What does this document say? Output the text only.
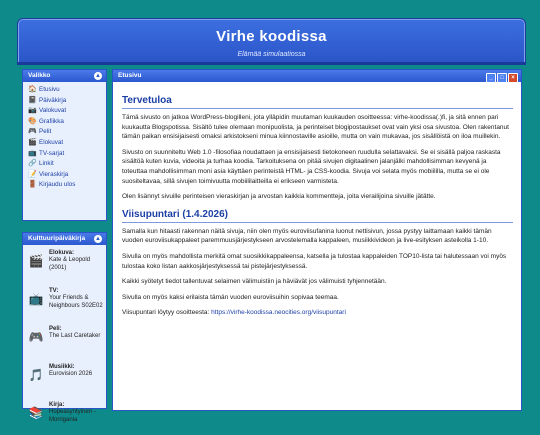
Virhe koodissa
Elämää simulaatiossa
Valikko	▲
🏠 Etusivu
📓 Päiväkirja
📷 Valokuvat
🎨 Grafiikka
🎮 Pelit
🎬 Elokuvat
📺 TV-sarjat
🔗 Linkit
📝 Vieraskirja
🚪 Kirjaudu ulos
Kulttuuripäiväkirja ▲
🎬
Elokuva:
Kate & Leopold (2001)
📺
TV:
Your Friends & Neighbours S02E02
🎮
Peli:
The Last Caretaker
🎵
Musiikki:
Eurovision 2026
📚
Kirja:
Hopeasyntyinen - Morrigania
Etusivu	_ □ ×
Tervetuloa

Tämä sivusto on jatkoa WordPress-blogilleni, jota ylläpidin muutaman kuukauden osoitteessa: virhe-koodissa(.)fi, ja sitä ennen pari kuukautta Blogspotissa. Sisältö tulee olemaan monipuolista, ja perinteiset blogipostaukset ovat vain yksi osa sivustoa. Olen rakentanut tämän paikan ensisijaisesti omaksi arkistokseni minua kiinnostaville asioille, mutta on vain mukavaa, jos sisällöistä on iloa muillekin.

Sivusto on suunniteltu Web 1.0 -filosofiaa noudattaen ja ensisijaisesti tietokoneen ruudulla selattavaksi. Se ei sisällä paljoa raskasta sisältöä kuten kuvia, videoita ja turhaa koodia. Tarkoituksena on pitää sivujen digitaalinen jalanjälki mahdollisimman kevyenä ja toteuttaa mahdollisimman moni asia käyttäen perinteistä HTML- ja CSS-koodia. Sivuja voi selata myös mobiililla, mutta se ei ole suositeltavaa, sillä sivujen toimivuutta mobiililaitteilla ei erikseen varmisteta.

Olen lisännyt sivuille perinteisen vieraskirjan ja arvostan kaikkia kommentteja, joita vierailijoina sivuille jätätte.

Viisupuntari (1.4.2026)

Samalla kun hitaasti rakennan näitä sivuja, niin olen myös euroviisufanina luonut nettisivun, jossa pystyy laittamaan kaikki tämän vuoden euroviisukappaleet paremmuusjärjestykseen arvostelemalla kappaleen, musiikkivideon ja live-esityksen asteikolla 1-10.

Sivulla on myös mahdollista merkitä omat suosikkikappaleensa, katsella ja tulostaa kappaleiden TOP10-lista tai halutessaan voi myös tulostaa koko listan aakkosjärjestyksessä tai pistejärjestyksessä.

Kaikki syötetyt tiedot tallentuvat selaimen välimuistiin ja häviävät jos välimuisti tyhjennetään.

Sivulla on myös kaksi erilaista tämän vuoden euroviisuihin sopivaa teemaa.

Viisupuntari löytyy osoitteesta: https://virhe-koodissa.neocities.org/viisupuntari
